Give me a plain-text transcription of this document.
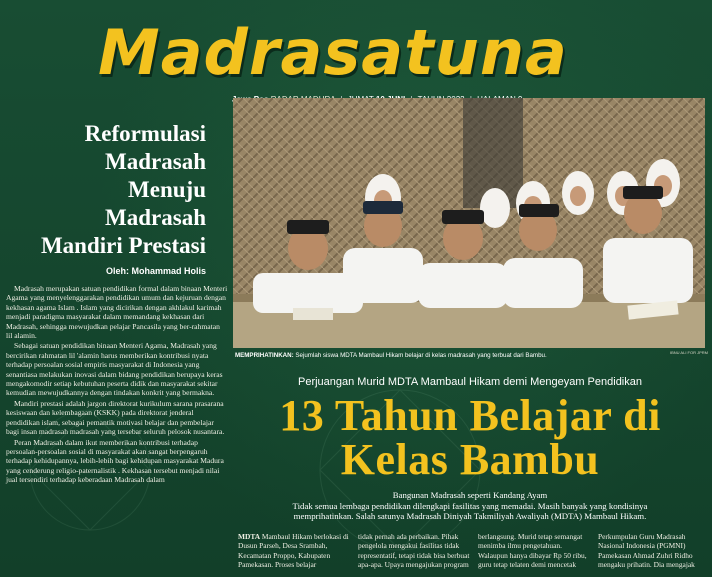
Madrasatuna
Reformulasi
Madrasah
Menuju
Madrasah
Mandiri Prestasi
Oleh: Mohammad Holis

Madrasah merupakan satuan pendidikan formal dalam binaan Menteri Agama yang menyelenggarakan pendidikan umum dan kejuruan dengan kekhasan agama Islam . Islam yang dicirikan dengan akhlakul karimah menjadi paradigma masyarakat dalam memandang kekhasan dari Madrasah, sehingga mewujudkan pelajar Pancasila yang ber-rahmatan lil alamin.

Sebagai satuan pendidikan binaan Menteri Agama, Madrasah yang bercirikan rahmatan lil 'alamin harus memberikan kontribusi nyata terhadap persoalan sosial empiris masyarakat di Indonesia yang senantiasa melakukan inovasi dalam bidang pendidikan berupaya keras mengakomodir setiap kebutuhan peserta didik dan masyarakat sekitar kemudian mewujudkannya dengan tindakan konkrit yang bermakna.

Mandiri prestasi adalah jargon direktorat kurikulum sarana prasarana kesiswaan dan kelembagaan (KSKK) pada direktorat jenderal pendidikan islam, sebagai pemantik motivasi belajar dan pembelajar bagi insan madrasah madrasah yang tersebar seluruh pelosok nusantara.

Peran Madrasah dalam ikut memberikan kontribusi terhadap persoalan-persoalan sosial di masyarakat akan sangat berpengaruh terhadap kehidupannya, lebih-lebih bagi kehidupan masyarakat Madura yang cenderung religio-paternalistik . Kekhasan tersebut menjadi nilai jual tersendiri terhadap keberadaan Madrasah dalam

IBNU ALI FOR JPRM
MEMPRIHATINKAN: Sejumlah siswa MDTA Mambaul Hikam belajar di kelas madrasah yang terbuat dari Bambu.
Perjuangan Murid MDTA Mambaul Hikam demi Mengeyam Pendidikan
13 Tahun Belajar di
Kelas Bambu
Bangunan Madrasah seperti Kandang Ayam
Tidak semua lembaga pendidikan dilengkapi fasilitas yang memadai. Masih banyak yang kondisinya
memprihatinkan. Salah satunya Madrasah Diniyah Takmiliyah Awaliyah (MDTA) Mambaul Hikam.
MDTA Mambaul Hikam berlokasi di Dusun Parseh, Desa Srambah, Kecamatan Proppo, Kabupaten Pamekasan. Proses belajar
tidak pernah ada perbaikan. Pihak pengelola mengakui fasilitas tidak representatif, tetapi tidak bisa berbuat apa-apa. Upaya mengajukan program
berlangsung. Murid tetap semangat menimba ilmu pengetahuan. Walaupun hanya dibayar Rp 50 ribu, guru tetap telaten demi mencetak
Perkumpulan Guru Madrasah Nasional Indonesia (PGMNI) Pamekasan Ahmad Zuhri Ridho mengaku prihatin. Dia mengajak
